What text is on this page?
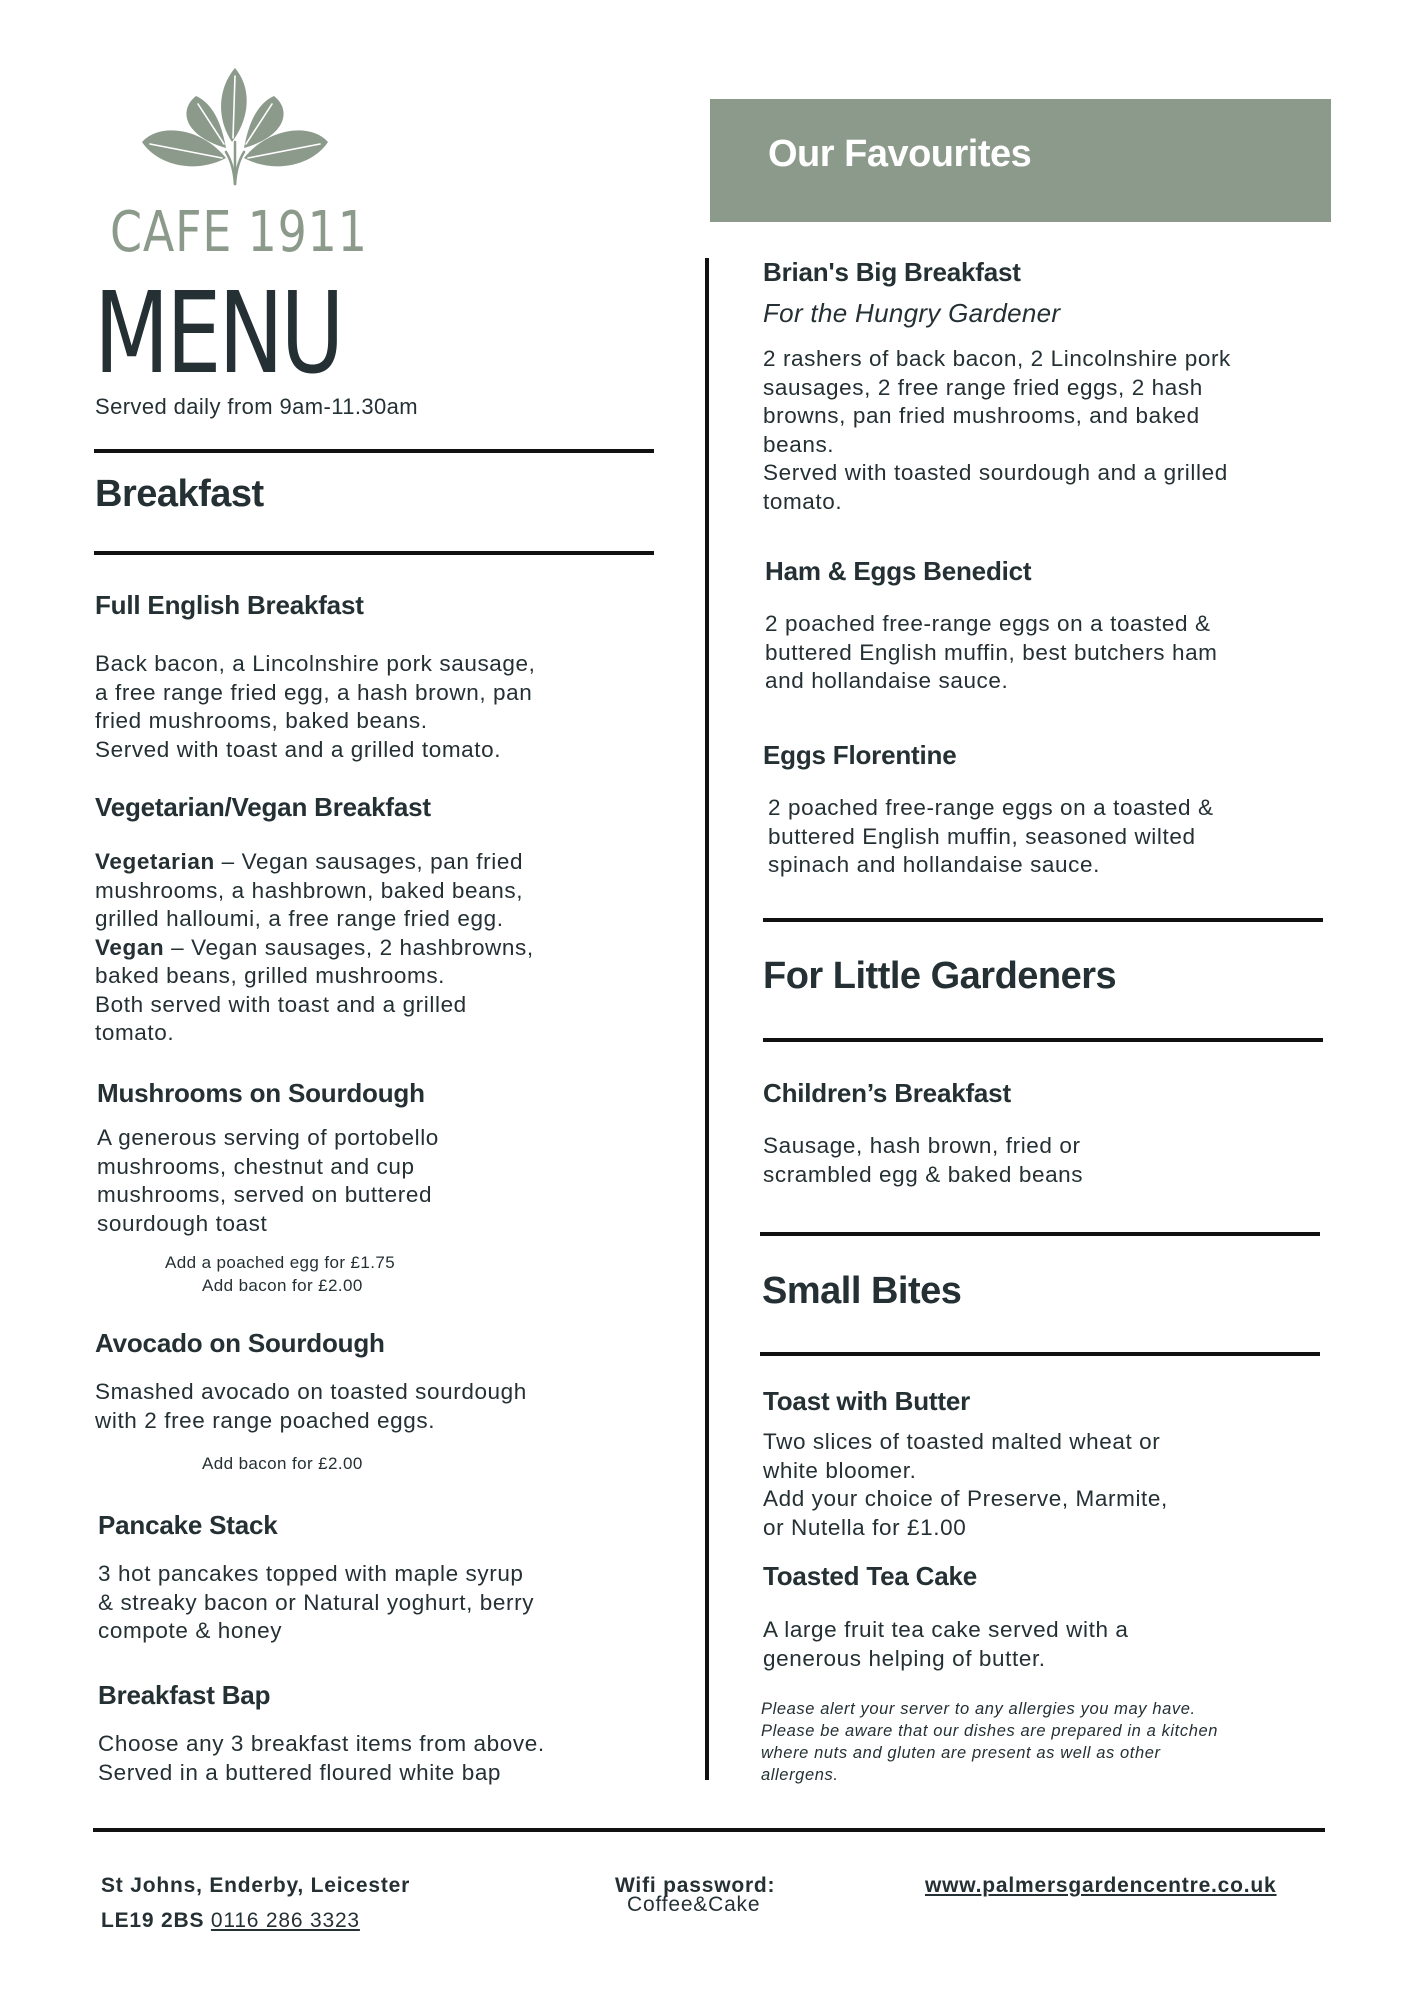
CAFE 1911
MENU
Served daily from 9am-11.30am
Breakfast
Full English Breakfast
Back bacon, a Lincolnshire pork sausage,
a free range fried egg, a hash brown, pan
fried mushrooms, baked beans.
Served with toast and a grilled tomato.
Vegetarian/Vegan Breakfast
Vegetarian – Vegan sausages, pan fried
mushrooms, a hashbrown, baked beans,
grilled halloumi, a free range fried egg.
Vegan – Vegan sausages, 2 hashbrowns,
baked beans, grilled mushrooms.
Both served with toast and a grilled
tomato.
Mushrooms on Sourdough
A generous serving of portobello
mushrooms, chestnut and cup
mushrooms, served on buttered
sourdough toast
Add a poached egg for £1.75
Add bacon for £2.00
Avocado on Sourdough
Smashed avocado on toasted sourdough
with 2 free range poached eggs.
Add bacon for £2.00
Pancake Stack
3 hot pancakes topped with maple syrup
& streaky bacon or Natural yoghurt, berry
compote & honey
Breakfast Bap
Choose any 3 breakfast items from above.
Served in a buttered floured white bap
Our Favourites
Brian's Big Breakfast
For the Hungry Gardener
2 rashers of back bacon, 2 Lincolnshire pork
sausages, 2 free range fried eggs, 2 hash
browns, pan fried mushrooms, and baked
beans.
Served with toasted sourdough and a grilled
tomato.
Ham & Eggs Benedict
2 poached free-range eggs on a toasted &
buttered English muffin, best butchers ham
and hollandaise sauce.
Eggs Florentine
2 poached free-range eggs on a toasted &
buttered English muffin, seasoned wilted
spinach and hollandaise sauce.
For Little Gardeners
Children’s Breakfast
Sausage, hash brown, fried or
scrambled egg & baked beans
Small Bites
Toast with Butter
Two slices of toasted malted wheat or
white bloomer.
Add your choice of Preserve, Marmite,
or Nutella for £1.00
Toasted Tea Cake
A large fruit tea cake served with a
generous helping of butter.
Please alert your server to any allergies you may have. Please be aware that our dishes are prepared in a kitchen where nuts and gluten are present as well as other allergens.
St Johns, Enderby, Leicester
LE19 2BS 0116 286 3323
Wifi password:
Coffee&Cake
www.palmersgardencentre.co.uk
